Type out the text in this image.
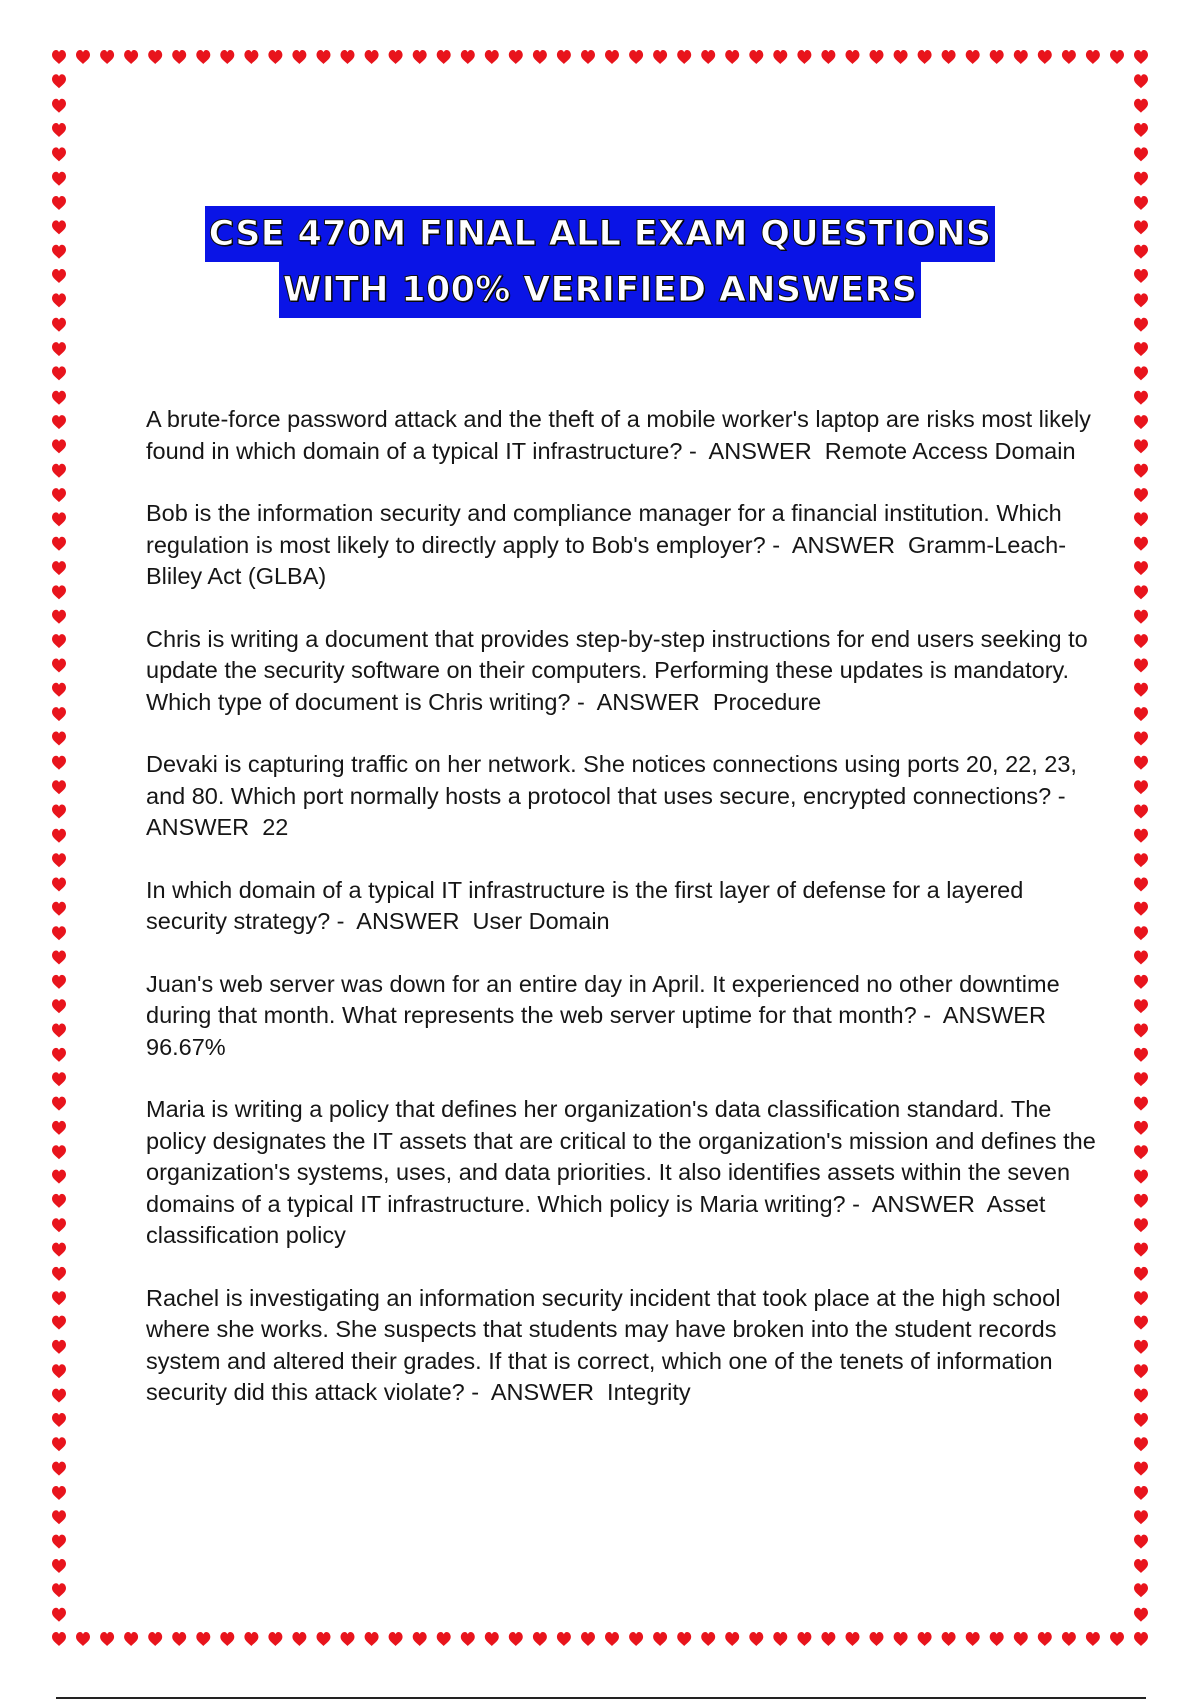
CSE 470M FINAL ALL EXAM QUESTIONS
WITH 100% VERIFIED ANSWERS

A brute-force password attack and the theft of a mobile worker's laptop are risks most likely found in which domain of a typical IT infrastructure? - ANSWER Remote Access Domain

Bob is the information security and compliance manager for a financial institution. Which regulation is most likely to directly apply to Bob's employer? - ANSWER Gramm-Leach-Bliley Act (GLBA)

Chris is writing a document that provides step-by-step instructions for end users seeking to update the security software on their computers. Performing these updates is mandatory. Which type of document is Chris writing? - ANSWER Procedure

Devaki is capturing traffic on her network. She notices connections using ports 20, 22, 23, and 80. Which port normally hosts a protocol that uses secure, encrypted connections? -  ANSWER 22

In which domain of a typical IT infrastructure is the first layer of defense for a layered security strategy? - ANSWER User Domain

Juan's web server was down for an entire day in April. It experienced no other downtime during that month. What represents the web server uptime for that month? - ANSWER  96.67%

Maria is writing a policy that defines her organization's data classification standard. The policy designates the IT assets that are critical to the organization's mission and defines the organization's systems, uses, and data priorities. It also identifies assets within the seven domains of a typical IT infrastructure. Which policy is Maria writing? - ANSWER Asset classification policy

Rachel is investigating an information security incident that took place at the high school where she works. She suspects that students may have broken into the student records system and altered their grades. If that is correct, which one of the tenets of information security did this attack violate? - ANSWER Integrity
